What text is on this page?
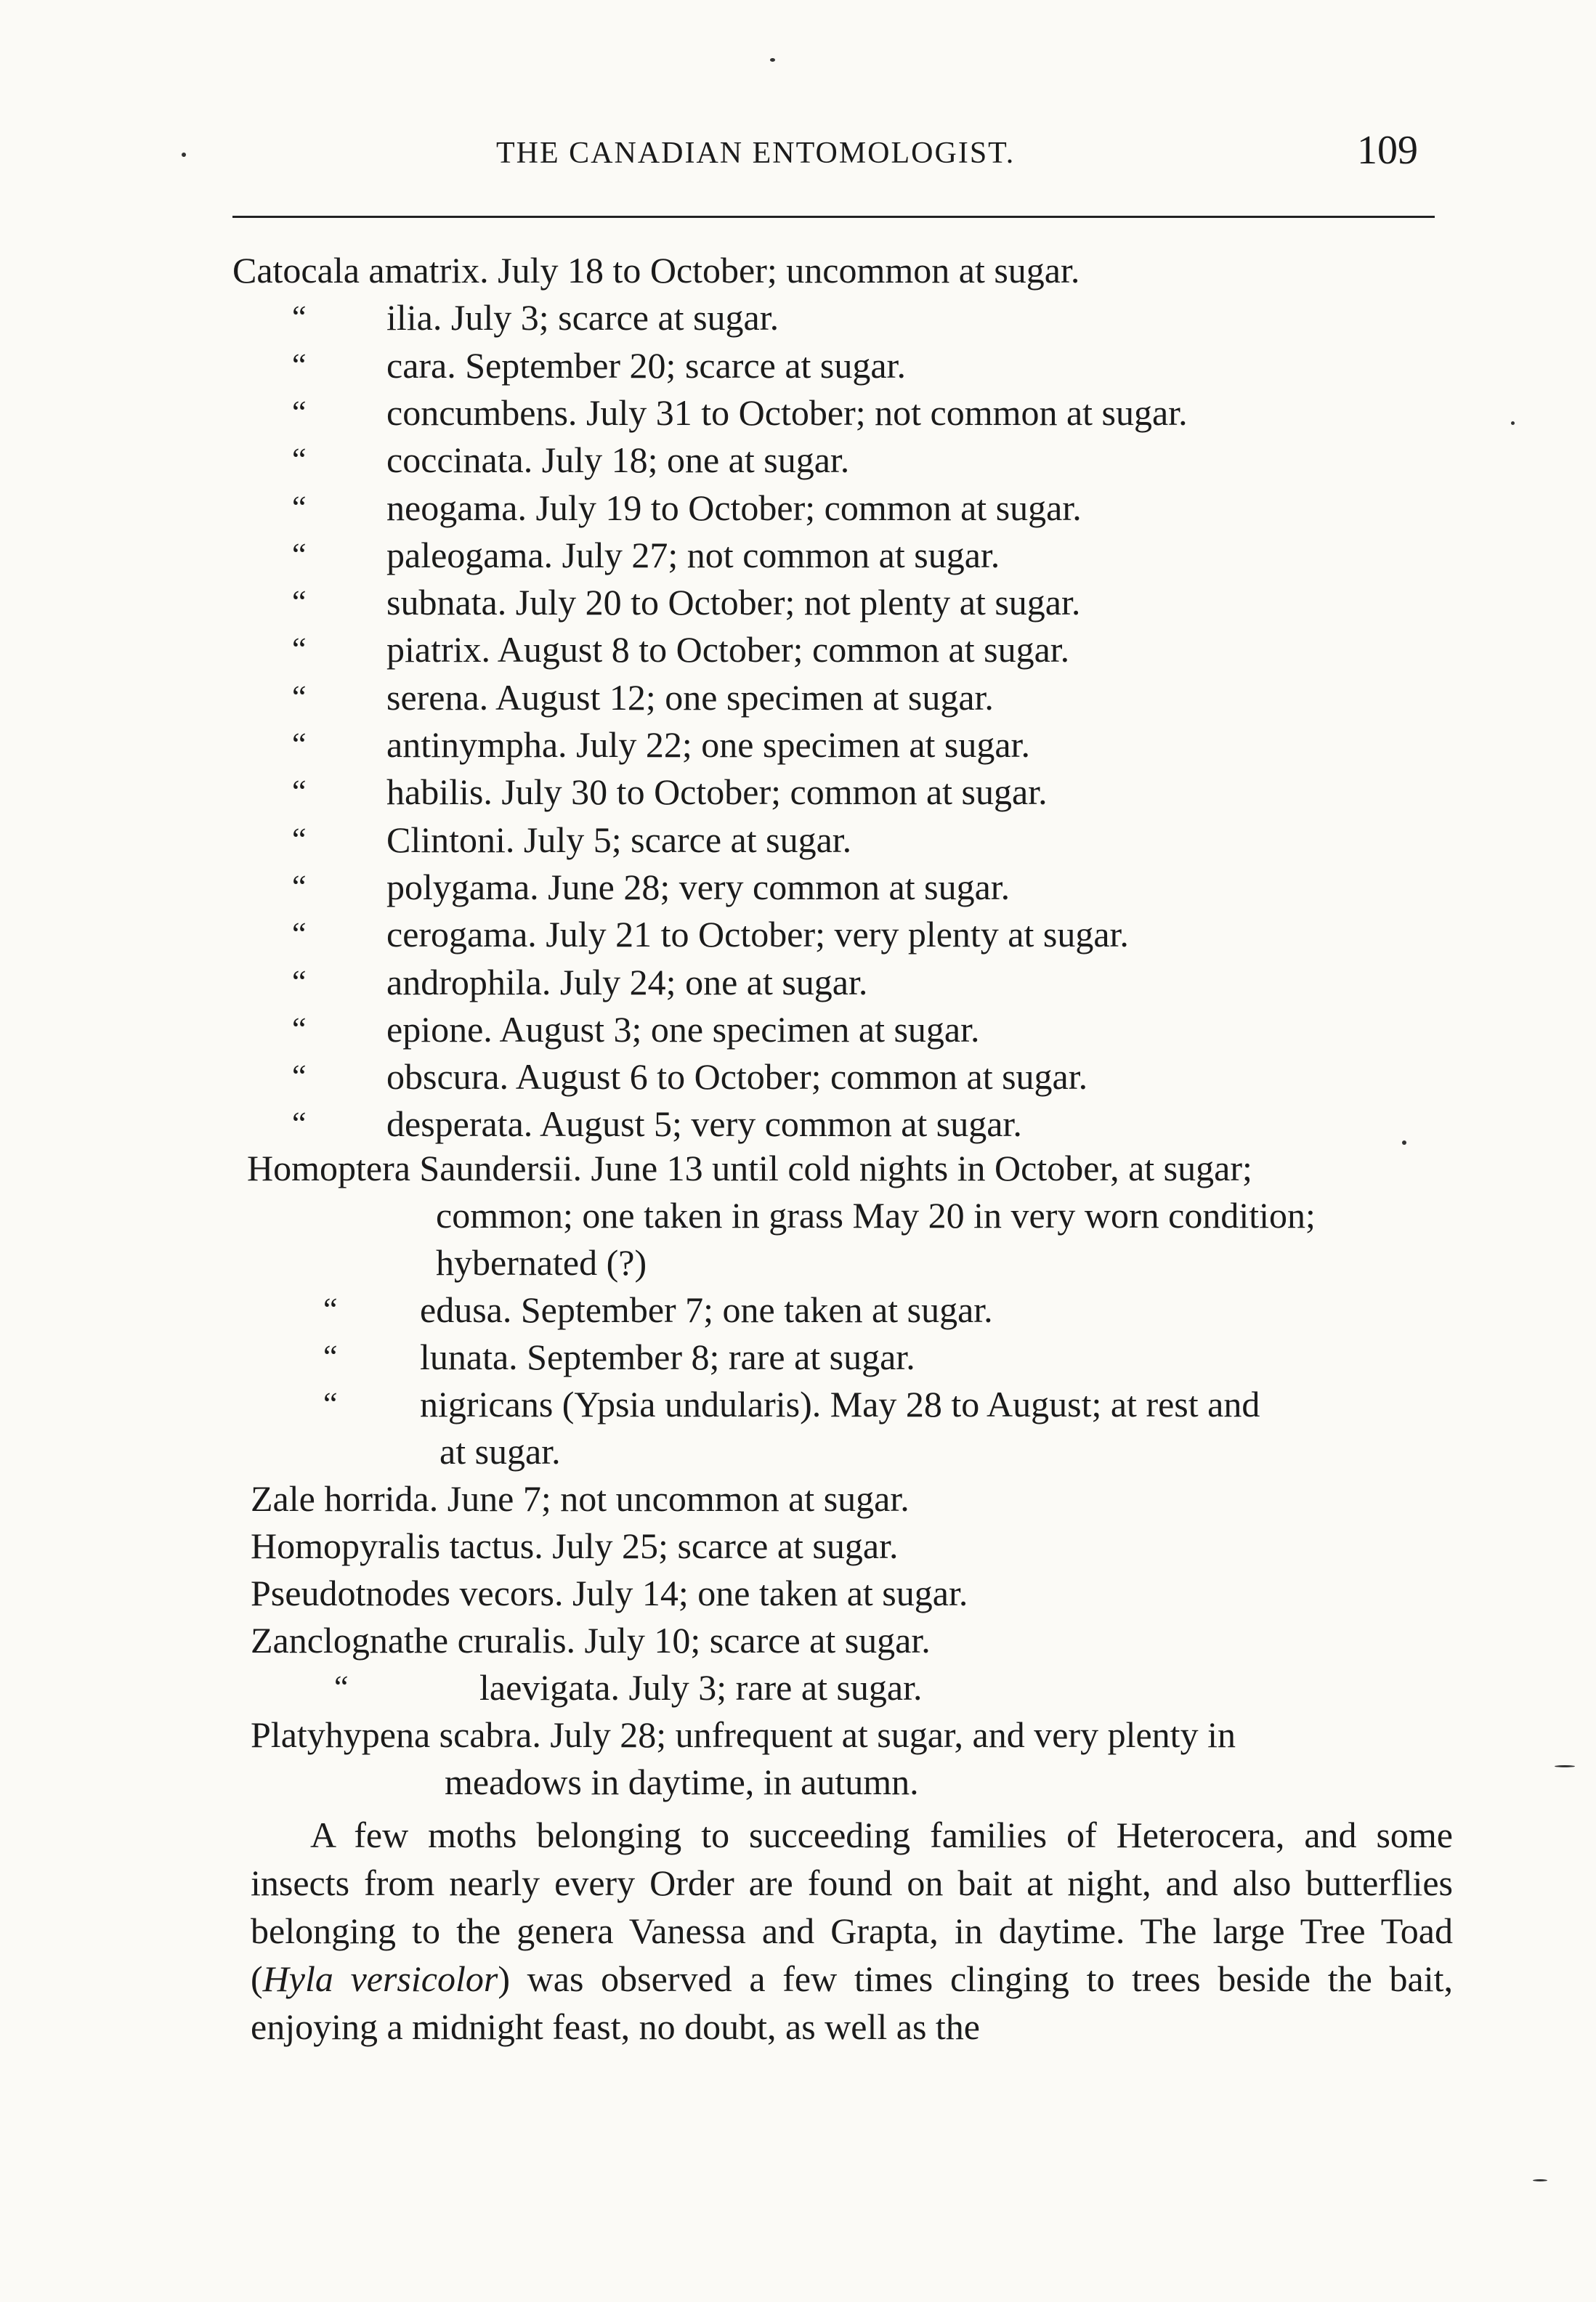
THE CANADIAN ENTOMOLOGIST.	109
Catocala amatrix. July 18 to October; uncommon at sugar.
“ ilia. July 3; scarce at sugar.
“ cara. September 20; scarce at sugar.
“ concumbens. July 31 to October; not common at sugar.
“ coccinata. July 18; one at sugar.
“ neogama. July 19 to October; common at sugar.
“ paleogama. July 27; not common at sugar.
“ subnata. July 20 to October; not plenty at sugar.
“ piatrix. August 8 to October; common at sugar.
“ serena. August 12; one specimen at sugar.
“ antinympha. July 22; one specimen at sugar.
“ habilis. July 30 to October; common at sugar.
“ Clintoni. July 5; scarce at sugar.
“ polygama. June 28; very common at sugar.
“ cerogama. July 21 to October; very plenty at sugar.
“ androphila. July 24; one at sugar.
“ epione. August 3; one specimen at sugar.
“ obscura. August 6 to October; common at sugar.
“ desperata. August 5; very common at sugar.
Homoptera Saundersii. June 13 until cold nights in October, at sugar;
common; one taken in grass May 20 in very worn condition;
hybernated (?)
“ edusa. September 7; one taken at sugar.
“ lunata. September 8; rare at sugar.
“ nigricans (Ypsia undularis). May 28 to August; at rest and
at sugar.
Zale horrida. June 7; not uncommon at sugar.
Homopyralis tactus. July 25; scarce at sugar.
Pseudotnodes vecors. July 14; one taken at sugar.
Zanclognathe cruralis. July 10; scarce at sugar.
“	laevigata. July 3; rare at sugar.
Platyhypena scabra. July 28; unfrequent at sugar, and very plenty in
meadows in daytime, in autumn.

A few moths belonging to succeeding families of Heterocera, and some insects from nearly every Order are found on bait at night, and also butterflies belonging to the genera Vanessa and Grapta, in daytime. The large Tree Toad (Hyla versicolor) was observed a few times clinging to trees beside the bait, enjoying a midnight feast, no doubt, as well as the
